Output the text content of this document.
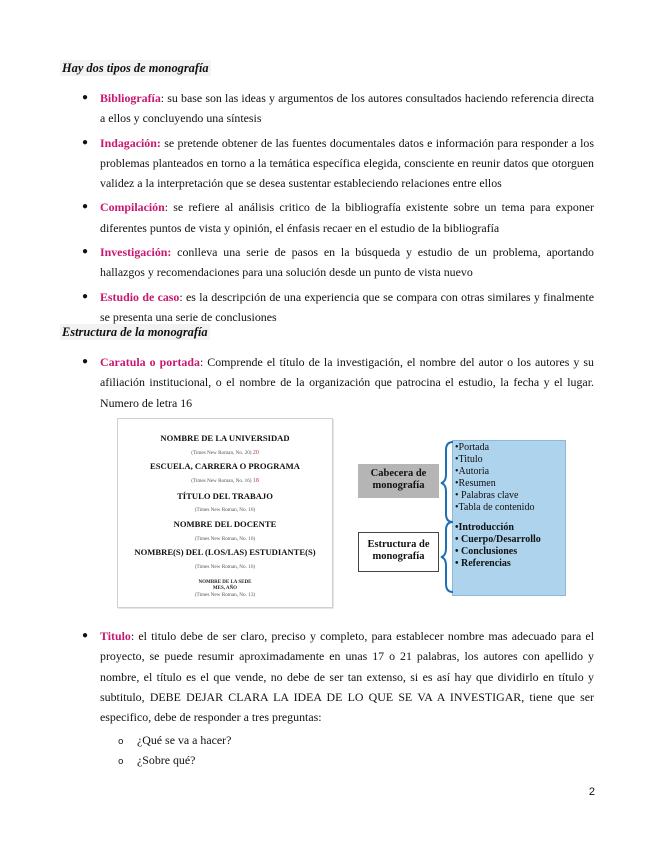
Hay dos tipos de monografía
● Bibliografía: su base son las ideas y argumentos de los autores consultados haciendo referencia directa a ellos y concluyendo una síntesis
● Indagación: se pretende obtener de las fuentes documentales datos e información para responder a los problemas planteados en torno a la temática específica elegida, consciente en reunir datos que otorguen validez a la interpretación que se desea sustentar estableciendo relaciones entre ellos
● Compilación: se refiere al análisis critico de la bibliografía existente sobre un tema para exponer diferentes puntos de vista y opinión, el énfasis recaer en el estudio de la bibliografía
● Investigación: conlleva una serie de pasos en la búsqueda y estudio de un problema, aportando hallazgos y recomendaciones para una solución desde un punto de vista nuevo
● Estudio de caso: es la descripción de una experiencia que se compara con otras similares y finalmente se presenta una serie de conclusiones
Estructura de la monografía
● Caratula o portada: Comprende el título de la investigación, el nombre del autor o los autores y su afiliación institucional, o el nombre de la organización que patrocina el estudio, la fecha y el lugar. Numero de letra 16
NOMBRE DE LA UNIVERSIDAD
(Times New Roman, No. 20) 20
ESCUELA, CARRERA O PROGRAMA
(Times New Roman, No. 16) 18
TÍTULO DEL TRABAJO
(Times New Roman, No. 16)
NOMBRE DEL DOCENTE
(Times New Roman, No. 16)
NOMBRE(S) DEL (LOS/LAS) ESTUDIANTE(S)
(Times New Roman, No. 16)
NOMBRE DE LA SEDE
MES, AÑO
(Times New Roman, No. 13)
Cabecera de monografía
Estructura de monografía
•Portada
•Titulo
•Autoria
•Resumen
• Palabras clave
•Tabla de contenido
•Introducción
• Cuerpo/Desarrollo
• Conclusiones
• Referencias
● Titulo: el titulo debe de ser claro, preciso y completo, para establecer nombre mas adecuado para el proyecto, se puede resumir aproximadamente en unas 17 o 21 palabras, los autores con apellido y nombre, el título es el que vende, no debe de ser tan extenso, si es así hay que dividirlo en título y subtitulo, DEBE DEJAR CLARA LA IDEA DE LO QUE SE VA A INVESTIGAR, tiene que ser especifico, debe de responder a tres preguntas:
o ¿Qué se va a hacer?
o ¿Sobre qué?
2
